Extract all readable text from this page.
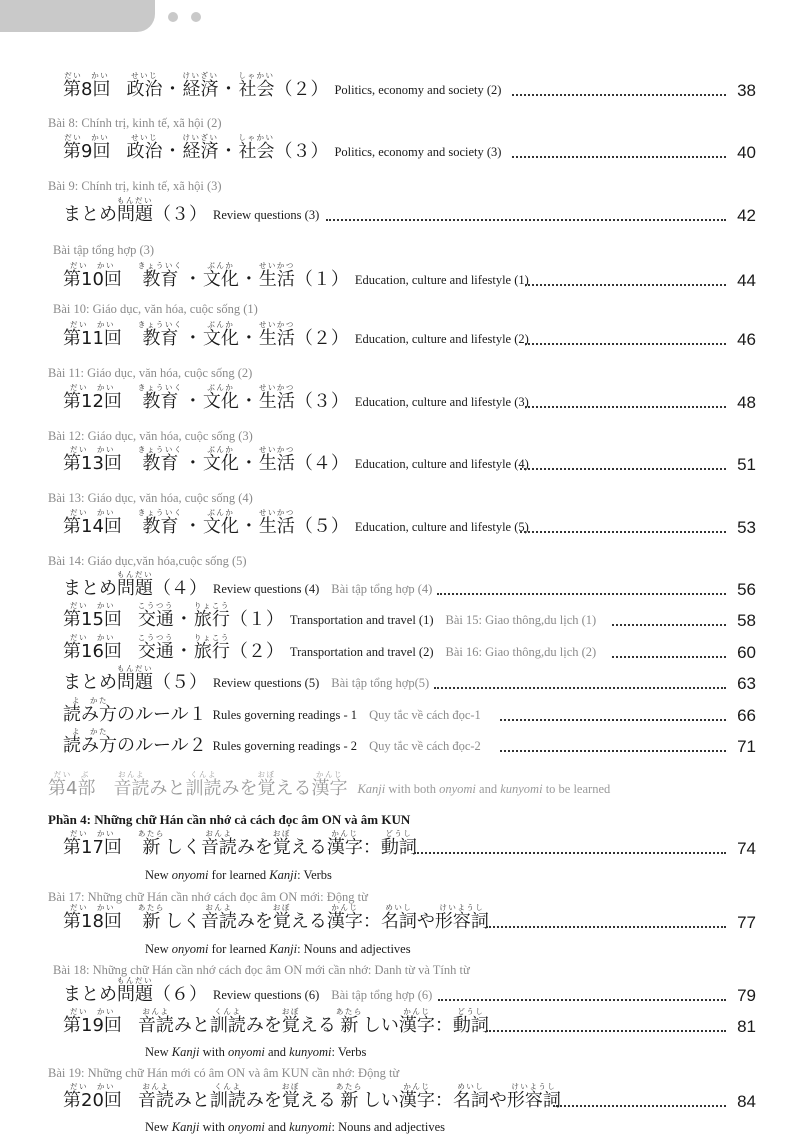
だい　かい
第8回
せいじ
政治 ・
けいざい
経済 ・
しゃかい
社会 （２） Politics, economy and society (2)	38
だい　かい
第9回
せいじ
政治 ・
けいざい
経済 ・
しゃかい
社会 （３） Politics, economy and society (3)	40
まとめ
もんだい
問題 （３） Review questions (3)	42
だい　かい
第10回
きょういく
教育 ・
ぶんか
文化 ・
せいかつ
生活 （１） Education, culture and lifestyle (1)	44
だい　かい
第11回
きょういく
教育 ・
ぶんか
文化 ・
せいかつ
生活 （２） Education, culture and lifestyle (2)	46
だい　かい
第12回
きょういく
教育 ・
ぶんか
文化 ・
せいかつ
生活 （３） Education, culture and lifestyle (3)	48
だい　かい
第13回
きょういく
教育 ・
ぶんか
文化 ・
せいかつ
生活 （４） Education, culture and lifestyle (4)	51
だい　かい
第14回
きょういく
教育 ・
ぶんか
文化 ・
せいかつ
生活 （５） Education, culture and lifestyle (5)	53
まとめ
もんだい
問題 （４） Review questions (4) Bài tập tổng hợp (4)	56
だい　かい
第15回
こうつう
交通 ・
りょこう
旅行 （１） Transportation and travel (1) Bài 15: Giao thông,du lịch (1)	58
だい　かい
第16回
こうつう
交通 ・
りょこう
旅行 （２） Transportation and travel (2) Bài 16: Giao thông,du lịch (2)	60
まとめ
もんだい
問題 （５） Review questions (5) Bài tập tổng hợp(5)	63
よ　かた
読み方 のルール１ Rules governing readings - 1 Quy tắc về cách đọc-1	66
よ　かた
読み方 のルール２ Rules governing readings - 2 Quy tắc về cách đọc-2	71
だい　かい
第17回
あたら
新
しく
おんよ
音読
みを
おぼ
覚
える
かんじ
漢字
：
どうし
動詞	74
だい　かい
第18回
あたら
新
しく
おんよ
音読
みを
おぼ
覚
える
かんじ
漢字
：
めいし
名詞
や
けいようし
形容詞	77
まとめ
もんだい
問題 （６） Review questions (6) Bài tập tổng hợp (6)	79
だい　かい
第19回
おんよ
音読
みと
くんよ
訓読
みを
おぼ
覚
える
あたら
新
しい
かんじ
漢字
：
どうし
動詞	81
だい　かい
第20回
おんよ
音読
みと
くんよ
訓読
みを
おぼ
覚
える
あたら
新
しい
かんじ
漢字
：
めいし
名詞
や
けいようし
形容詞	84
だい　ぶ
第4部

おんよ
音読
みと
くんよ
訓読
みを
おぼ
覚
える
かんじ
漢字 Kanji with both onyomi and kunyomi to be learned
Phần 4: Những chữ Hán cần nhớ cả cách đọc âm ON và âm KUN
Bài 8: Chính trị, kinh tế, xã hội (2)
Bài 9: Chính trị, kinh tế, xã hội (3)
Bài tập tổng hợp (3)
Bài 10: Giáo dục, văn hóa, cuộc sống (1)
Bài 11: Giáo dục, văn hóa, cuộc sống (2)
Bài 12: Giáo dục, văn hóa, cuộc sống (3)
Bài 13: Giáo dục, văn hóa, cuộc sống (4)
Bài 14: Giáo dục,văn hóa,cuộc sống (5)
Bài 17: Những chữ Hán cần nhớ cách đọc âm ON mới: Động từ
Bài 18: Những chữ Hán cần nhớ cách đọc âm ON mới cần nhớ: Danh từ và Tính từ
Bài 19: Những chữ Hán mới có âm ON và âm KUN cần nhớ: Động từ
New onyomi for learned Kanji: Verbs
New onyomi for learned Kanji: Nouns and adjectives
New Kanji with onyomi and kunyomi: Verbs
New Kanji with onyomi and kunyomi: Nouns and adjectives
